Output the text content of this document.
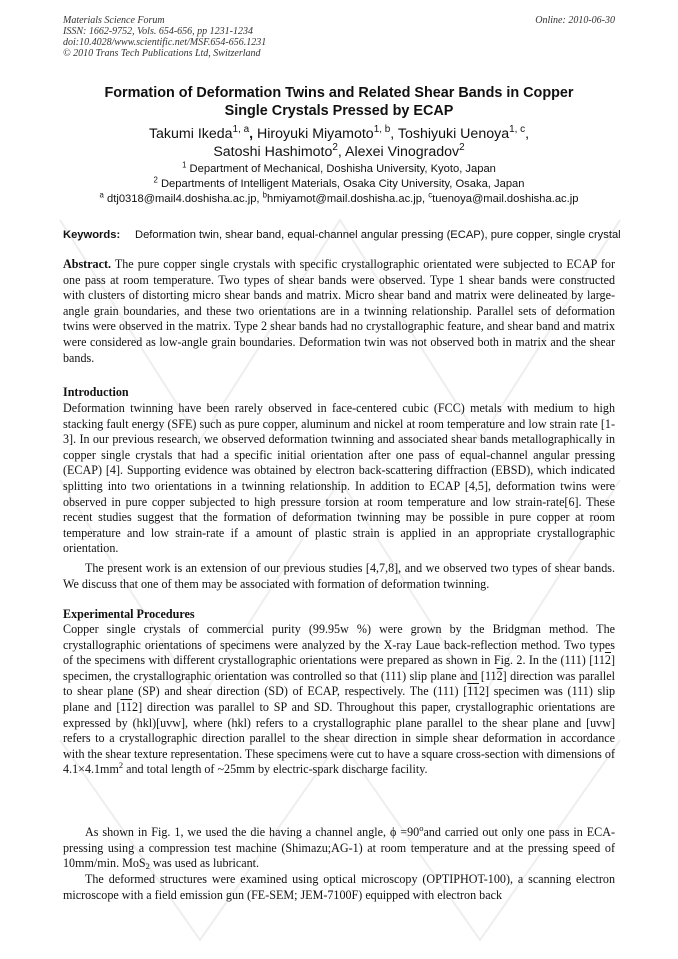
Materials Science Forum
ISSN: 1662-9752, Vols. 654-656, pp 1231-1234
doi:10.4028/www.scientific.net/MSF.654-656.1231
© 2010 Trans Tech Publications Ltd, Switzerland
Online: 2010-06-30
Formation of Deformation Twins and Related Shear Bands in Copper
Single Crystals Pressed by ECAP
Takumi Ikeda$^{1, a}$, Hiroyuki Miyamoto$^{1, b}$, Toshiyuki Uenoya$^{1, c}$,
Satoshi Hashimoto$^2$, Alexei Vinogradov$^2$
$^1$ Department of Mechanical, Doshisha University, Kyoto, Japan
$^2$ Departments of Intelligent Materials, Osaka City University, Osaka, Japan
$^a$ dtj0318@mail4.doshisha.ac.jp, $^b$hmiyamot@mail.doshisha.ac.jp, $^c$tuenoya@mail.doshisha.ac.jp
Keywords:	Deformation twin, shear band, equal-channel angular pressing (ECAP), pure copper, single crystal
Abstract. The pure copper single crystals with specific crystallographic orientated were subjected to ECAP for one pass at room temperature. Two types of shear bands were observed. Type 1 shear bands were constructed with clusters of distorting micro shear bands and matrix. Micro shear band and matrix were delineated by large-angle grain boundaries, and these two orientations are in a twinning relationship. Parallel sets of deformation twins were observed in the matrix. Type 2 shear bands had no crystallographic feature, and shear band and matrix were considered as low-angle grain boundaries. Deformation twin was not observed both in matrix and the shear bands.
Introduction
Deformation twinning have been rarely observed in face-centered cubic (FCC) metals with medium to high stacking fault energy (SFE) such as pure copper, aluminum and nickel at room temperature and low strain rate [1-3]. In our previous research, we observed deformation twinning and associated shear bands metallographically in copper single crystals that had a specific initial orientation after one pass of equal-channel angular pressing (ECAP) [4]. Supporting evidence was obtained by electron back-scattering diffraction (EBSD), which indicated splitting into two orientations in a twinning relationship. In addition to ECAP [4,5], deformation twins were observed in pure copper subjected to high pressure torsion at room temperature and low strain-rate[6]. These recent studies suggest that the formation of deformation twinning may be possible in pure copper at room temperature and low strain-rate if a amount of plastic strain is applied in an appropriate crystallographic orientation.
The present work is an extension of our previous studies [4,7,8], and we observed two types of shear bands. We discuss that one of them may be associated with formation of deformation twinning.
Experimental Procedures
Copper single crystals of commercial purity (99.95w %) were grown by the Bridgman method. The crystallographic orientations of specimens were analyzed by the X-ray Laue back-reflection method. Two types of the specimens with different crystallographic orientations were prepared as shown in Fig. 2. In the (111) [112] specimen, the crystallographic orientation was controlled so that (111) slip plane and [112] direction was parallel to shear plane (SP) and shear direction (SD) of ECAP, respectively. The (111) [112] specimen was (111) slip plane and [112] direction was parallel to SP and SD. Throughout this paper, crystallographic orientations are expressed by (hkl)[uvw], where (hkl) refers to a crystallographic plane parallel to the shear plane and [uvw] refers to a crystallographic direction parallel to the shear direction in simple shear deformation in accordance with the shear texture representation. These specimens were cut to have a square cross-section with dimensions of $4.1\times 4.1mm^2$ and total length of ~25mm by electric-spark discharge facility.
As shown in Fig. 1, we used the die having a channel angle, $\phi =90^oand$ carried out only one pass in ECA-pressing using a compression test machine (Shimazu;AG-1) at room temperature and at the pressing speed of 10mm/min. MoS$_2$ was used as lubricant.
The deformed structures were examined using optical microscopy (OPTIPHOT-100), a scanning electron microscope with a field emission gun (FE-SEM; JEM-7100F) equipped with electron back
